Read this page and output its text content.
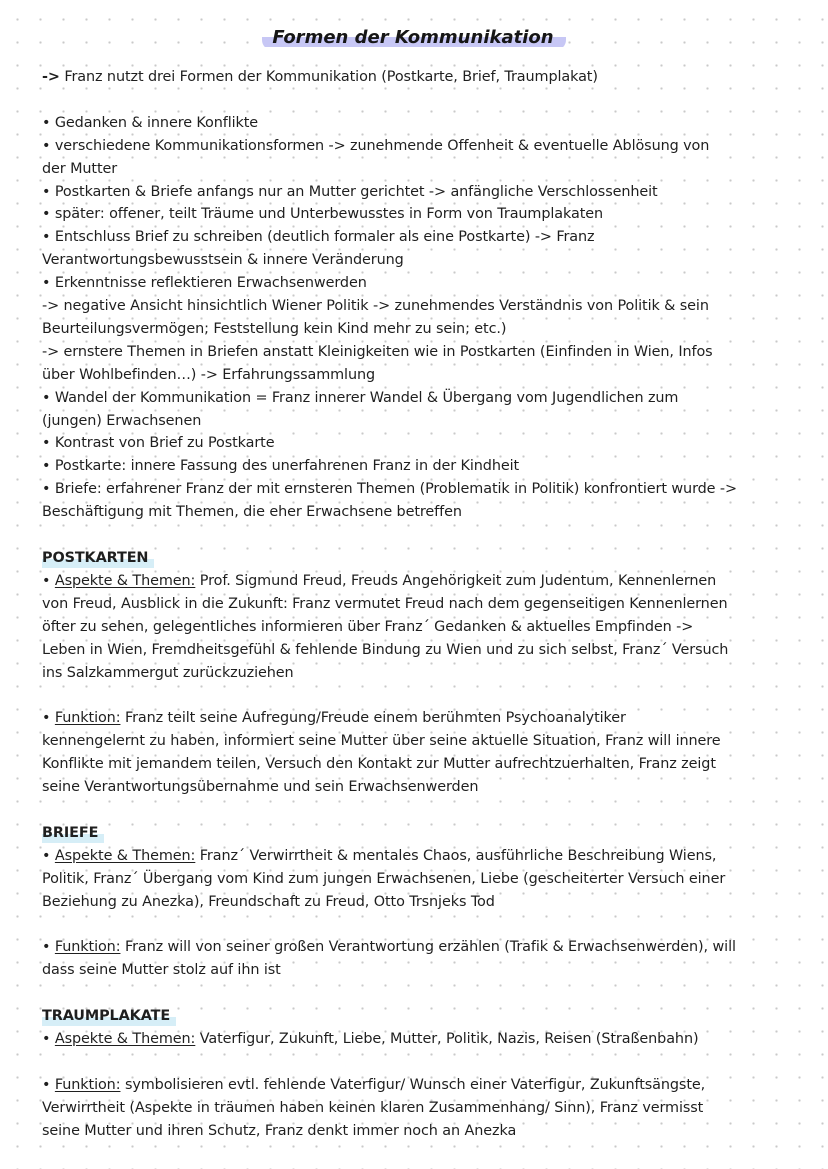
Formen der Kommunikation

-> Franz nutzt drei Formen der Kommunikation (Postkarte, Brief, Traumplakat)

• Gedanken & innere Konflikte

• verschiedene Kommunikationsformen -> zunehmende Offenheit & eventuelle Ablösung von

der Mutter

• Postkarten & Briefe anfangs nur an Mutter gerichtet -> anfängliche Verschlossenheit

• später: offener, teilt Träume und Unterbewusstes in Form von Traumplakaten

• Entschluss Brief zu schreiben (deutlich formaler als eine Postkarte) -> Franz

Verantwortungsbewusstsein & innere Veränderung

• Erkenntnisse reflektieren Erwachsenwerden

-> negative Ansicht hinsichtlich Wiener Politik -> zunehmendes Verständnis von Politik & sein

Beurteilungsvermögen; Feststellung kein Kind mehr zu sein; etc.)

-> ernstere Themen in Briefen anstatt Kleinigkeiten wie in Postkarten (Einfinden in Wien, Infos

über Wohlbefinden…) -> Erfahrungssammlung

• Wandel der Kommunikation = Franz innerer Wandel & Übergang vom Jugendlichen zum

(jungen) Erwachsenen

• Kontrast von Brief zu Postkarte

• Postkarte: innere Fassung des unerfahrenen Franz in der Kindheit

• Briefe: erfahrener Franz der mit ernsteren Themen (Problematik in Politik) konfrontiert wurde ->

Beschäftigung mit Themen, die eher Erwachsene betreffen

POSTKARTEN

• Aspekte & Themen: Prof. Sigmund Freud, Freuds Angehörigkeit zum Judentum, Kennenlernen

von Freud, Ausblick in die Zukunft: Franz vermutet Freud nach dem gegenseitigen Kennenlernen

öfter zu sehen, gelegentliches informieren über Franz´ Gedanken & aktuelles Empfinden ->

Leben in Wien, Fremdheitsgefühl & fehlende Bindung zu Wien und zu sich selbst, Franz´ Versuch

ins Salzkammergut zurückzuziehen

• Funktion: Franz teilt seine Aufregung/Freude einem berühmten Psychoanalytiker

kennengelernt zu haben, informiert seine Mutter über seine aktuelle Situation, Franz will innere

Konflikte mit jemandem teilen, Versuch den Kontakt zur Mutter aufrechtzuerhalten, Franz zeigt

seine Verantwortungsübernahme und sein Erwachsenwerden

BRIEFE

• Aspekte & Themen: Franz´ Verwirrtheit & mentales Chaos, ausführliche Beschreibung Wiens,

Politik, Franz´ Übergang vom Kind zum jungen Erwachsenen, Liebe (gescheiterter Versuch einer

Beziehung zu Anezka), Freundschaft zu Freud, Otto Trsnjeks Tod

• Funktion: Franz will von seiner großen Verantwortung erzählen (Trafik & Erwachsenwerden), will

dass seine Mutter stolz auf ihn ist

TRAUMPLAKATE

• Aspekte & Themen: Vaterfigur, Zukunft, Liebe, Mutter, Politik, Nazis, Reisen (Straßenbahn)

• Funktion: symbolisieren evtl. fehlende Vaterfigur/ Wunsch einer Vaterfigur, Zukunftsängste,

Verwirrtheit (Aspekte in träumen haben keinen klaren Zusammenhang/ Sinn), Franz vermisst

seine Mutter und ihren Schutz, Franz denkt immer noch an Anezka
